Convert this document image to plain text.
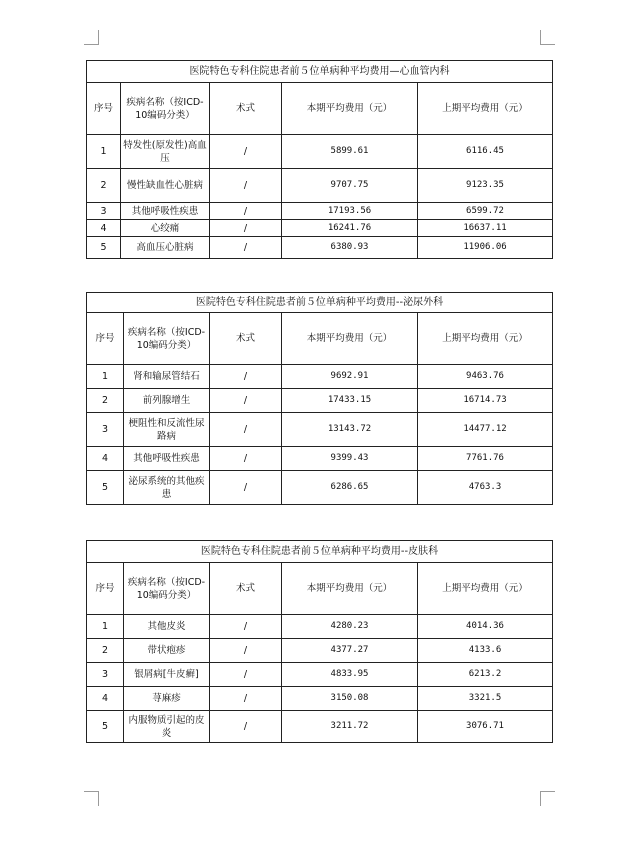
医院特色专科住院患者前５位单病种平均费用—心血管内科				
序号	疾病名称（按ICD-10编码分类）	术式	本期平均费用（元）	上期平均费用（元）
1	特发性(原发性)高血压	/	5899.61	6116.45
2	慢性缺血性心脏病	/	9707.75	9123.35
3	其他呼吸性疾患	/	17193.56	6599.72
4	心绞痛	/	16241.76	16637.11
5	高血压心脏病	/	6380.93	11906.06
医院特色专科住院患者前５位单病种平均费用--泌尿外科				
序号	疾病名称（按ICD-10编码分类）	术式	本期平均费用（元）	上期平均费用（元）
1	肾和输尿管结石	/	9692.91	9463.76
2	前列腺增生	/	17433.15	16714.73
3	梗阻性和反流性尿路病	/	13143.72	14477.12
4	其他呼吸性疾患	/	9399.43	7761.76
5	泌尿系统的其他疾患	/	6286.65	4763.3
医院特色专科住院患者前５位单病种平均费用--皮肤科				
序号	疾病名称（按ICD-10编码分类）	术式	本期平均费用（元）	上期平均费用（元）
1	其他皮炎	/	4280.23	4014.36
2	带状疱疹	/	4377.27	4133.6
3	银屑病[牛皮癣]	/	4833.95	6213.2
4	荨麻疹	/	3150.08	3321.5
5	内服物质引起的皮炎	/	3211.72	3076.71
